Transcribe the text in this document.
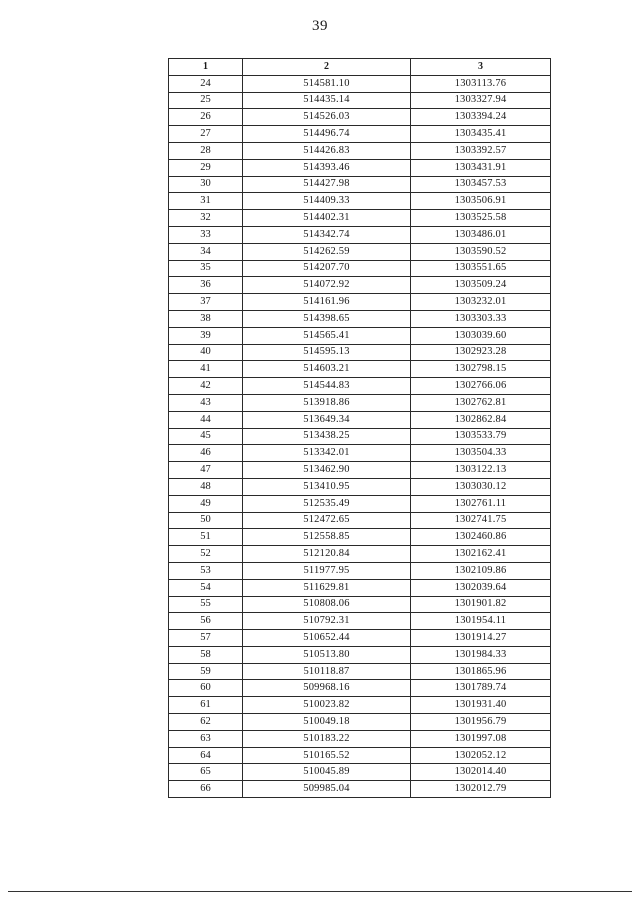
39
1	2	3
24	514581.10	1303113.76
25	514435.14	1303327.94
26	514526.03	1303394.24
27	514496.74	1303435.41
28	514426.83	1303392.57
29	514393.46	1303431.91
30	514427.98	1303457.53
31	514409.33	1303506.91
32	514402.31	1303525.58
33	514342.74	1303486.01
34	514262.59	1303590.52
35	514207.70	1303551.65
36	514072.92	1303509.24
37	514161.96	1303232.01
38	514398.65	1303303.33
39	514565.41	1303039.60
40	514595.13	1302923.28
41	514603.21	1302798.15
42	514544.83	1302766.06
43	513918.86	1302762.81
44	513649.34	1302862.84
45	513438.25	1303533.79
46	513342.01	1303504.33
47	513462.90	1303122.13
48	513410.95	1303030.12
49	512535.49	1302761.11
50	512472.65	1302741.75
51	512558.85	1302460.86
52	512120.84	1302162.41
53	511977.95	1302109.86
54	511629.81	1302039.64
55	510808.06	1301901.82
56	510792.31	1301954.11
57	510652.44	1301914.27
58	510513.80	1301984.33
59	510118.87	1301865.96
60	509968.16	1301789.74
61	510023.82	1301931.40
62	510049.18	1301956.79
63	510183.22	1301997.08
64	510165.52	1302052.12
65	510045.89	1302014.40
66	509985.04	1302012.79
